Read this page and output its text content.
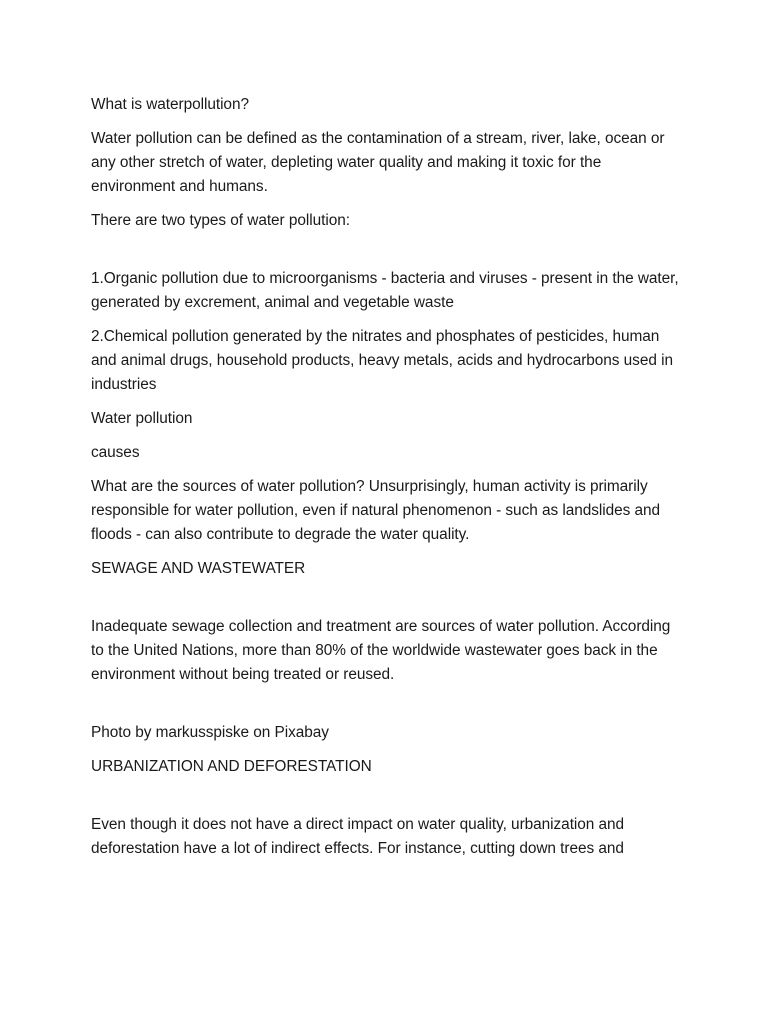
What is waterpollution?

Water pollution can be defined as the contamination of a stream, river, lake, ocean or any other stretch of water, depleting water quality and making it toxic for the environment and humans.

There are two types of water pollution:

1.Organic pollution due to microorganisms - bacteria and viruses - present in the water, generated by excrement, animal and vegetable waste

2.Chemical pollution generated by the nitrates and phosphates of pesticides, human and animal drugs, household products, heavy metals, acids and hydrocarbons used in industries

Water pollution

causes

What are the sources of water pollution? Unsurprisingly, human activity is primarily responsible for water pollution, even if natural phenomenon - such as landslides and floods - can also contribute to degrade the water quality.

SEWAGE AND WASTEWATER

Inadequate sewage collection and treatment are sources of water pollution. According to the United Nations, more than 80% of the worldwide wastewater goes back in the environment without being treated or reused.

Photo by markusspiske on Pixabay

URBANIZATION AND DEFORESTATION

Even though it does not have a direct impact on water quality, urbanization and deforestation have a lot of indirect effects. For instance, cutting down trees and
